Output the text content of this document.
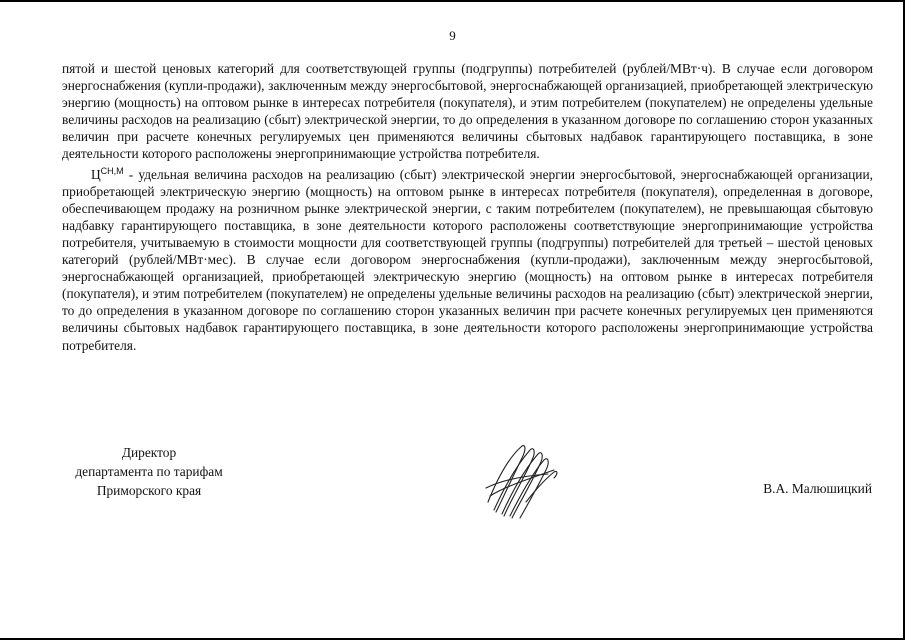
9

пятой и шестой ценовых категорий для соответствующей группы (подгруппы) потребителей (рублей/МВт·ч). В случае если договором энергоснабжения (купли-продажи), заключенным между энергосбытовой, энергоснабжающей организацией, приобретающей электрическую энергию (мощность) на оптовом рынке в интересах потребителя (покупателя), и этим потребителем (покупателем) не определены удельные величины расходов на реализацию (сбыт) электрической энергии, то до определения в указанном договоре по соглашению сторон указанных величин при расчете конечных регулируемых цен применяются величины сбытовых надбавок гарантирующего поставщика, в зоне деятельности которого расположены энергопринимающие устройства потребителя.

$Ц^{СН,М}$ - удельная величина расходов на реализацию (сбыт) электрической энергии энергосбытовой, энергоснабжающей организации, приобретающей электрическую энергию (мощность) на оптовом рынке в интересах потребителя (покупателя), определенная в договоре, обеспечивающем продажу на розничном рынке электрической энергии, с таким потребителем (покупателем), не превышающая сбытовую надбавку гарантирующего поставщика, в зоне деятельности которого расположены соответствующие энергопринимающие устройства потребителя, учитываемую в стоимости мощности для соответствующей группы (подгруппы) потребителей для третьей – шестой ценовых категорий (рублей/МВт·мес). В случае если договором энергоснабжения (купли-продажи), заключенным между энергосбытовой, энергоснабжающей организацией, приобретающей электрическую энергию (мощность) на оптовом рынке в интересах потребителя (покупателя), и этим потребителем (покупателем) не определены удельные величины расходов на реализацию (сбыт) электрической энергии, то до определения в указанном договоре по соглашению сторон указанных величин при расчете конечных регулируемых цен применяются величины сбытовых надбавок гарантирующего поставщика, в зоне деятельности которого расположены энергопринимающие устройства потребителя.

Директор
департамента по тарифам
Приморского края	В.А. Малюшицкий
